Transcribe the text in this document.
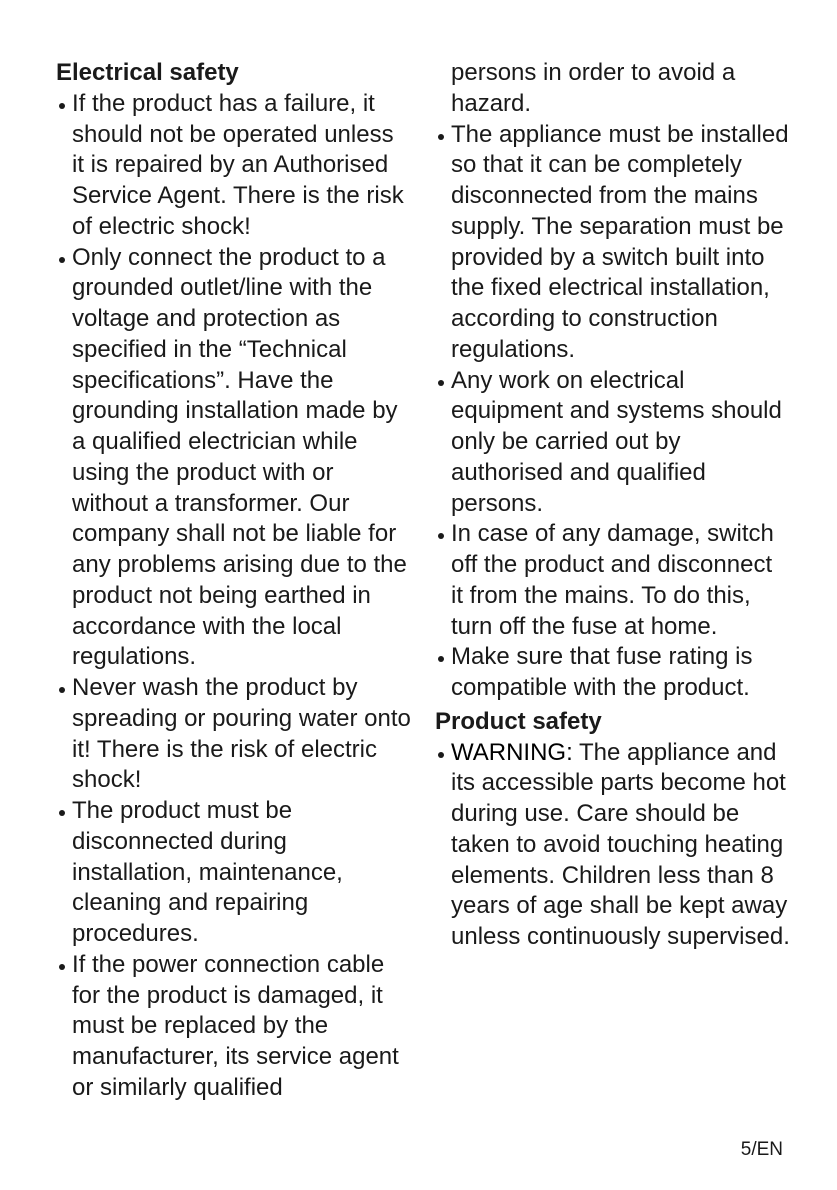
Electrical safety
If the product has a failure, it should not be operated unless it is repaired by an Authorised Service Agent. There is the risk of electric shock!
Only connect the product to a grounded outlet/line with the voltage and protection as specified in the “Technical specifications”. Have the grounding installation made by a qualified electrician while using the product with or without a transformer. Our company shall not be liable for any problems arising due to the product not being earthed in accordance with the local regulations.
Never wash the product by spreading or pouring water onto it! There is the risk of electric shock!
The product must be disconnected during installation, maintenance, cleaning and repairing procedures.
If the power connection cable for the product is damaged, it must be replaced by the manufacturer, its service agent or similarly qualified
persons in order to avoid a hazard.
The appliance must be installed so that it can be completely disconnected from the mains supply. The separation must be provided by a switch built into the fixed electrical installation, according to construction regulations.
Any work on electrical equipment and systems should only be carried out by authorised and qualified persons.
In case of any damage, switch off the product and disconnect it from the mains. To do this, turn off the fuse at home.
Make sure that fuse rating is compatible with the product.
Product safety
WARNING: The appliance and its accessible parts become hot during use. Care should be taken to avoid touching heating elements. Children less than 8 years of age shall be kept away unless continuously supervised.
5/EN
